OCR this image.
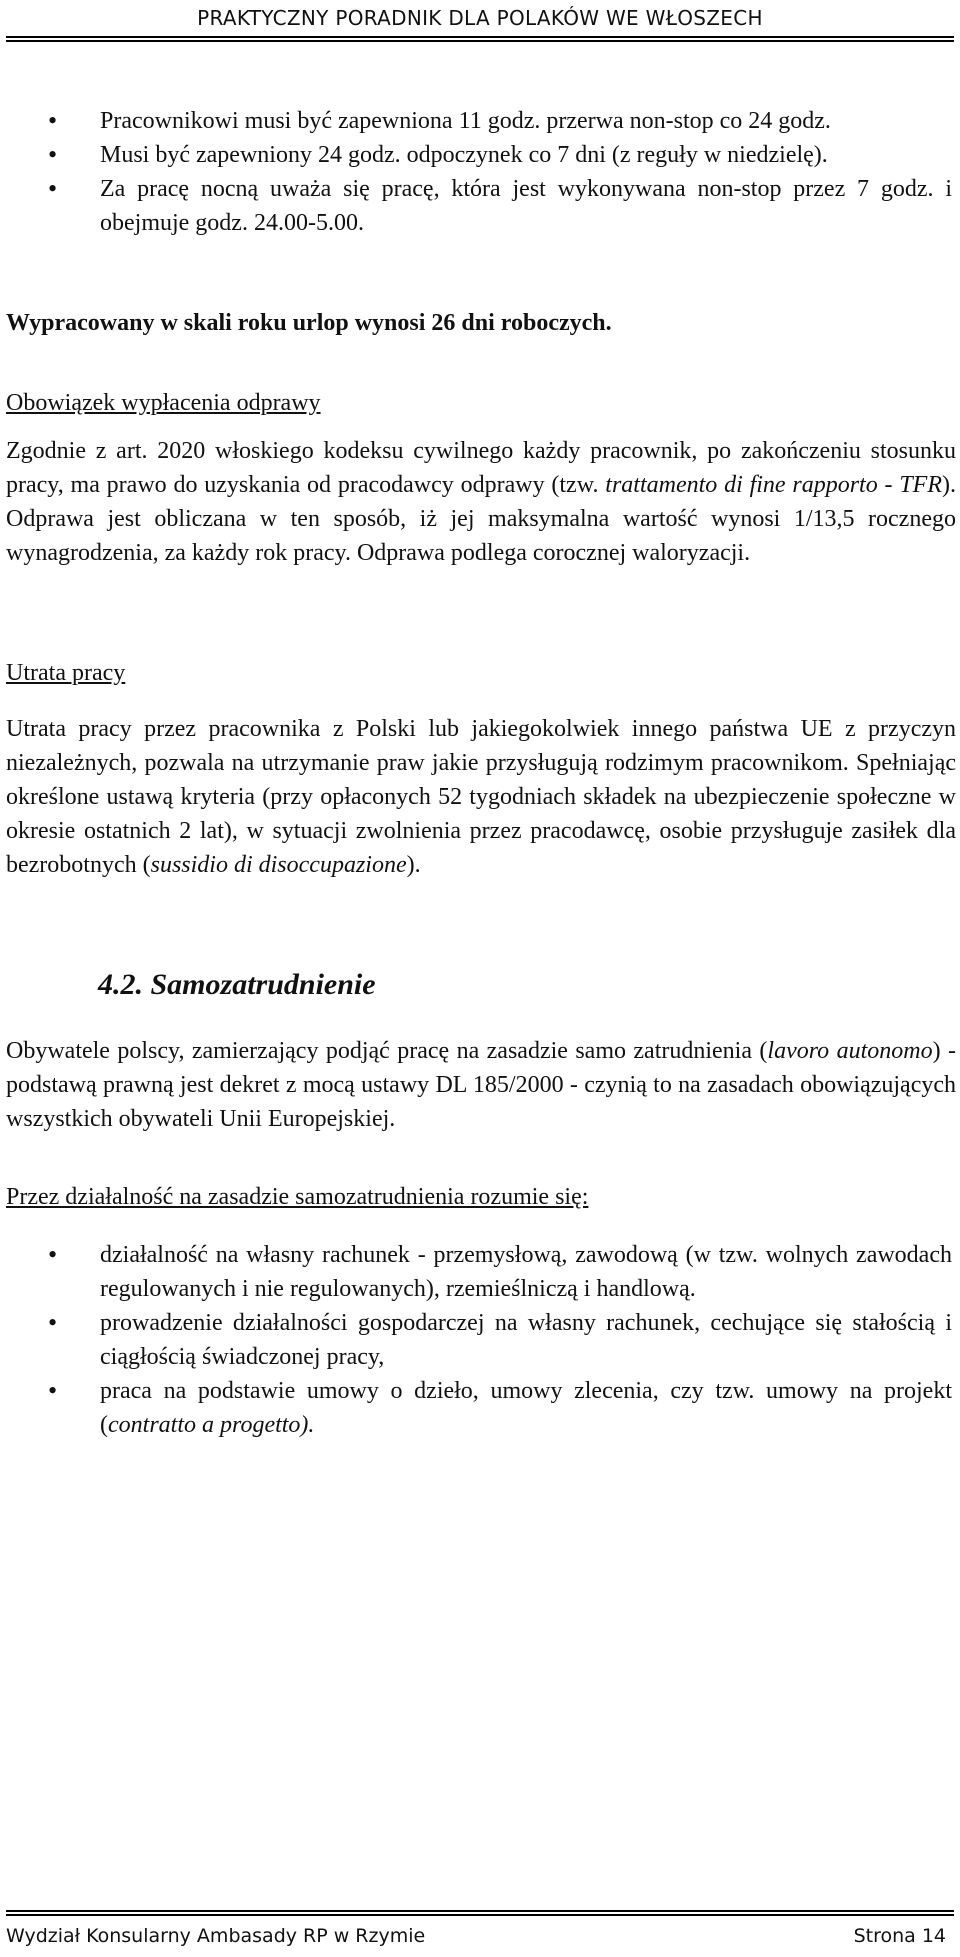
PRAKTYCZNY PORADNIK DLA POLAKÓW WE WŁOSZECH
• Pracownikowi musi być zapewniona 11 godz. przerwa non-stop co 24 godz.
• Musi być zapewniony 24 godz. odpoczynek co 7 dni (z reguły w niedzielę).
• Za pracę nocną uważa się pracę, która jest wykonywana non-stop przez 7 godz. i obejmuje godz. 24.00-5.00.
Wypracowany w skali roku urlop wynosi 26 dni roboczych.
Obowiązek wypłacenia odprawy

Zgodnie z art. 2020 włoskiego kodeksu cywilnego każdy pracownik, po zakończeniu stosunku pracy, ma prawo do uzyskania od pracodawcy odprawy (tzw. trattamento di fine rapporto - TFR). Odprawa jest obliczana w ten sposób, iż jej maksymalna wartość wynosi 1/13,5 rocznego wynagrodzenia, za każdy rok pracy. Odprawa podlega corocznej waloryzacji.

Utrata pracy

Utrata pracy przez pracownika z Polski lub jakiegokolwiek innego państwa UE z przyczyn niezależnych, pozwala na utrzymanie praw jakie przysługują rodzimym pracownikom. Spełniając określone ustawą kryteria (przy opłaconych 52 tygodniach składek na ubezpieczenie społeczne w okresie ostatnich 2 lat), w sytuacji zwolnienia przez pracodawcę, osobie przysługuje zasiłek dla bezrobotnych (sussidio di disoccupazione).

4.2. Samozatrudnienie

Obywatele polscy, zamierzający podjąć pracę na zasadzie samo zatrudnienia (lavoro autonomo) - podstawą prawną jest dekret z mocą ustawy DL 185/2000 - czynią to na zasadach obowiązujących wszystkich obywateli Unii Europejskiej.

Przez działalność na zasadzie samozatrudnienia rozumie się:
• działalność na własny rachunek - przemysłową, zawodową (w tzw. wolnych zawodach regulowanych i nie regulowanych), rzemieślniczą i handlową.
• prowadzenie działalności gospodarczej na własny rachunek, cechujące się stałością i ciągłością świadczonej pracy,
• praca na podstawie umowy o dzieło, umowy zlecenia, czy tzw. umowy na projekt (contratto a progetto).
Wydział Konsularny Ambasady RP w Rzymie	Strona 14
